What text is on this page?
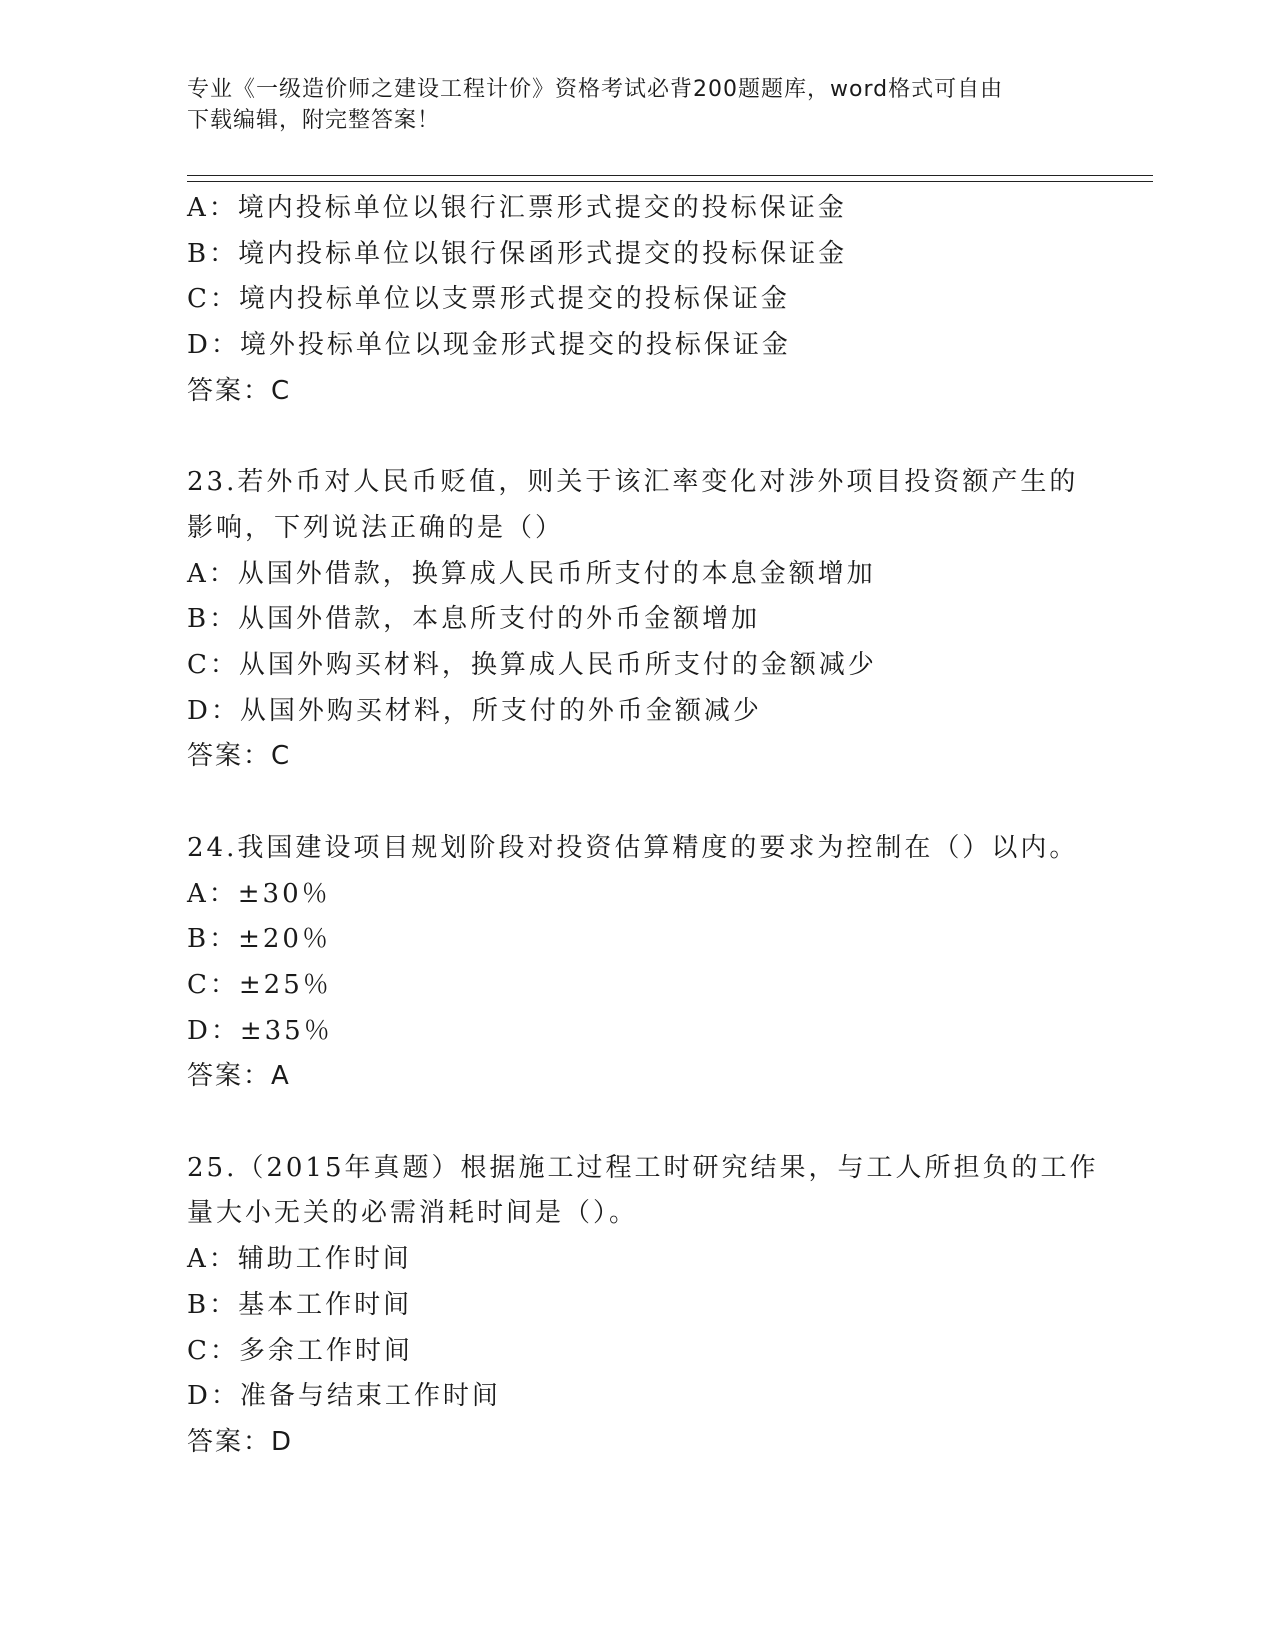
专业《一级造价师之建设工程计价》资格考试必背200题题库，word格式可自由
下载编辑，附完整答案！
A：境内投标单位以银行汇票形式提交的投标保证金
B：境内投标单位以银行保函形式提交的投标保证金
C：境内投标单位以支票形式提交的投标保证金
D：境外投标单位以现金形式提交的投标保证金
答案：C
23.若外币对人民币贬值，则关于该汇率变化对涉外项目投资额产生的
影响，下列说法正确的是（）
A：从国外借款，换算成人民币所支付的本息金额增加
B：从国外借款，本息所支付的外币金额增加
C：从国外购买材料，换算成人民币所支付的金额减少
D：从国外购买材料，所支付的外币金额减少
答案：C
24.我国建设项目规划阶段对投资估算精度的要求为控制在（）以内。
A：±30％
B：±20％
C：±25％
D：±35％
答案：A
25.（2015年真题）根据施工过程工时研究结果，与工人所担负的工作
量大小无关的必需消耗时间是（）。
A：辅助工作时间
B：基本工作时间
C：多余工作时间
D：准备与结束工作时间
答案：D
